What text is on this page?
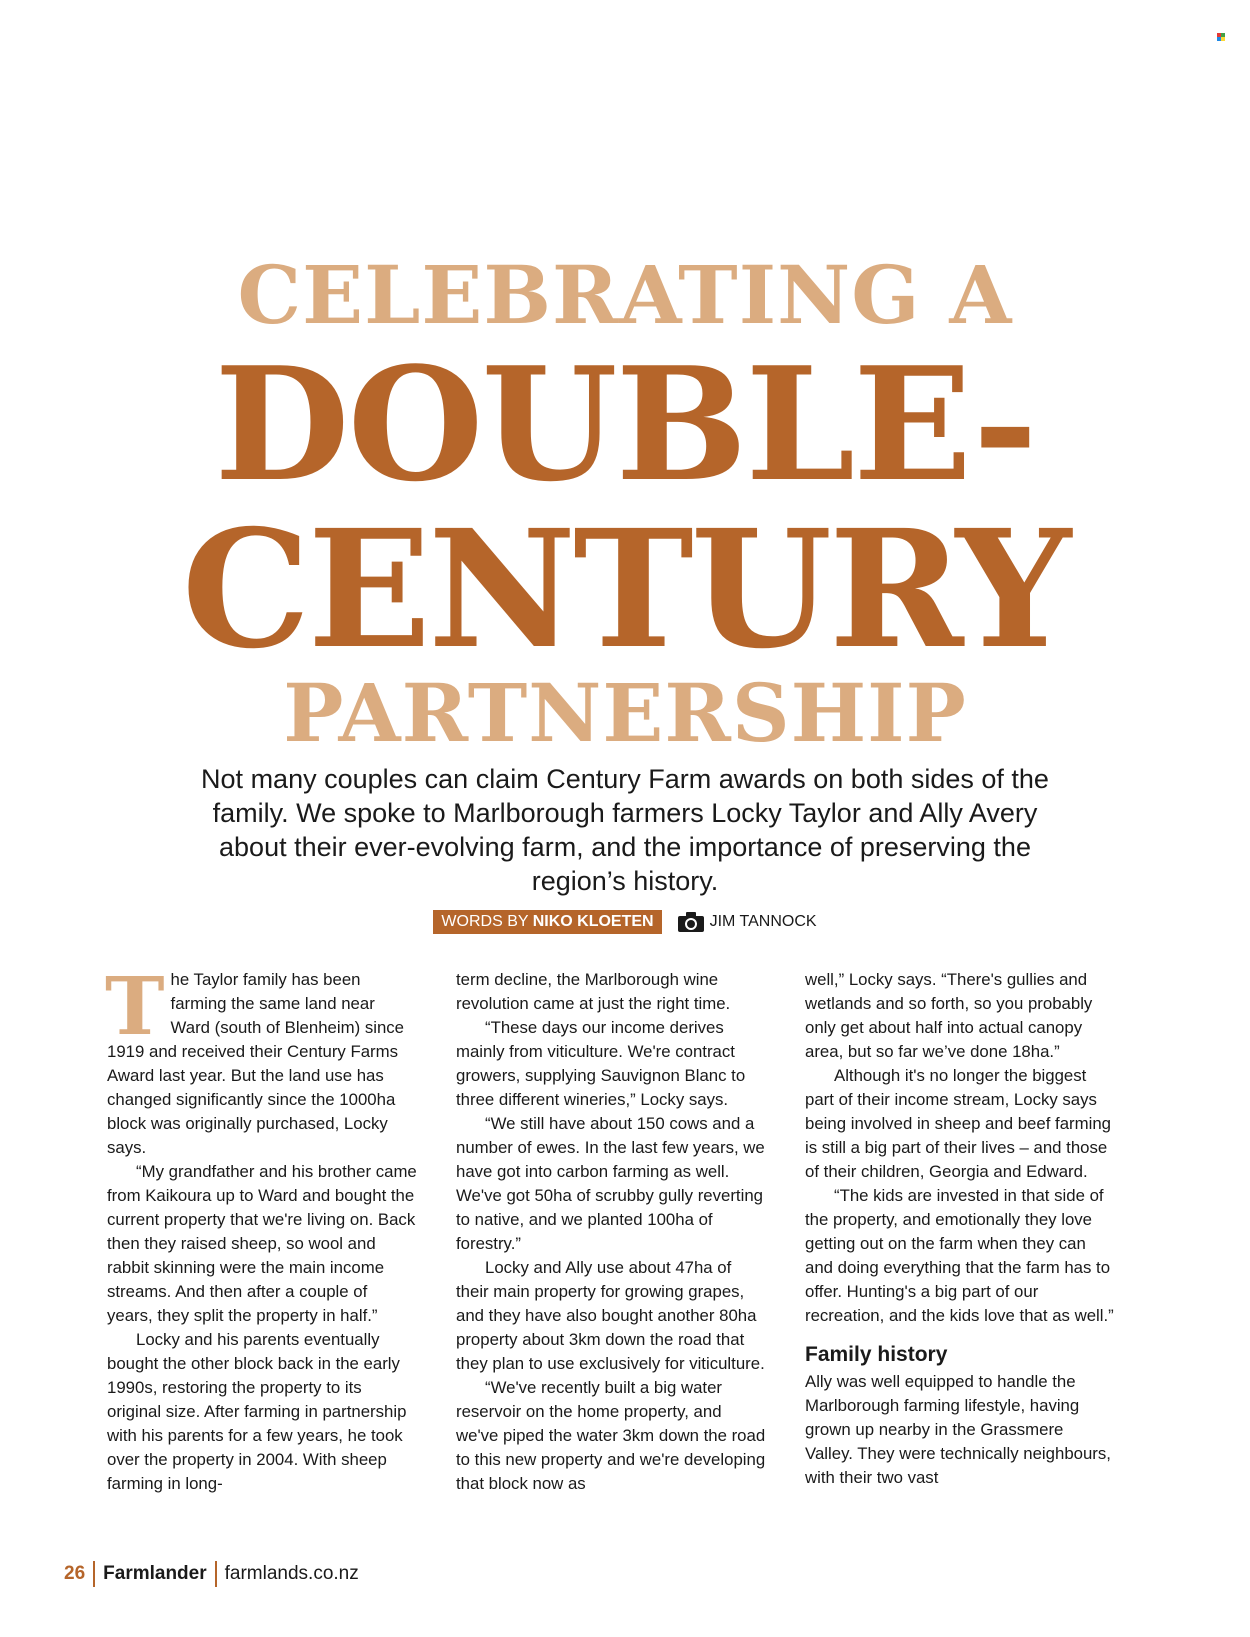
CELEBRATING A
DOUBLE-
CENTURY
PARTNERSHIP

Not many couples can claim Century Farm awards on both sides of the family. We spoke to Marlborough farmers Locky Taylor and Ally Avery about their ever-evolving farm, and the importance of preserving the region’s history.

WORDS BY NIKO KLOETEN	JIM TANNOCK
T he Taylor family has been farming the same land near Ward (south of Blenheim) since 1919 and received their Century Farms Award last year. But the land use has changed significantly since the 1000ha block was originally purchased, Locky says.

“My grandfather and his brother came from Kaikoura up to Ward and bought the current property that we're living on. Back then they raised sheep, so wool and rabbit skinning were the main income streams. And then after a couple of years, they split the property in half.”

Locky and his parents eventually bought the other block back in the early 1990s, restoring the property to its original size. After farming in partnership with his parents for a few years, he took over the property in 2004. With sheep farming in long-

term decline, the Marlborough wine revolution came at just the right time.

“These days our income derives mainly from viticulture. We're contract growers, supplying Sauvignon Blanc to three different wineries,” Locky says.

“We still have about 150 cows and a number of ewes. In the last few years, we have got into carbon farming as well. We've got 50ha of scrubby gully reverting to native, and we planted 100ha of forestry.”

Locky and Ally use about 47ha of their main property for growing grapes, and they have also bought another 80ha property about 3km down the road that they plan to use exclusively for viticulture.

“We've recently built a big water reservoir on the home property, and we've piped the water 3km down the road to this new property and we're developing that block now as

well,” Locky says. “There's gullies and wetlands and so forth, so you probably only get about half into actual canopy area, but so far we’ve done 18ha.”

Although it's no longer the biggest part of their income stream, Locky says being involved in sheep and beef farming is still a big part of their lives – and those of their children, Georgia and Edward.

“The kids are invested in that side of the property, and emotionally they love getting out on the farm when they can and doing everything that the farm has to offer. Hunting's a big part of our recreation, and the kids love that as well.”

Family history

Ally was well equipped to handle the Marlborough farming lifestyle, having grown up nearby in the Grassmere Valley. They were technically neighbours, with their two vast

26 Farmlander farmlands.co.nz
